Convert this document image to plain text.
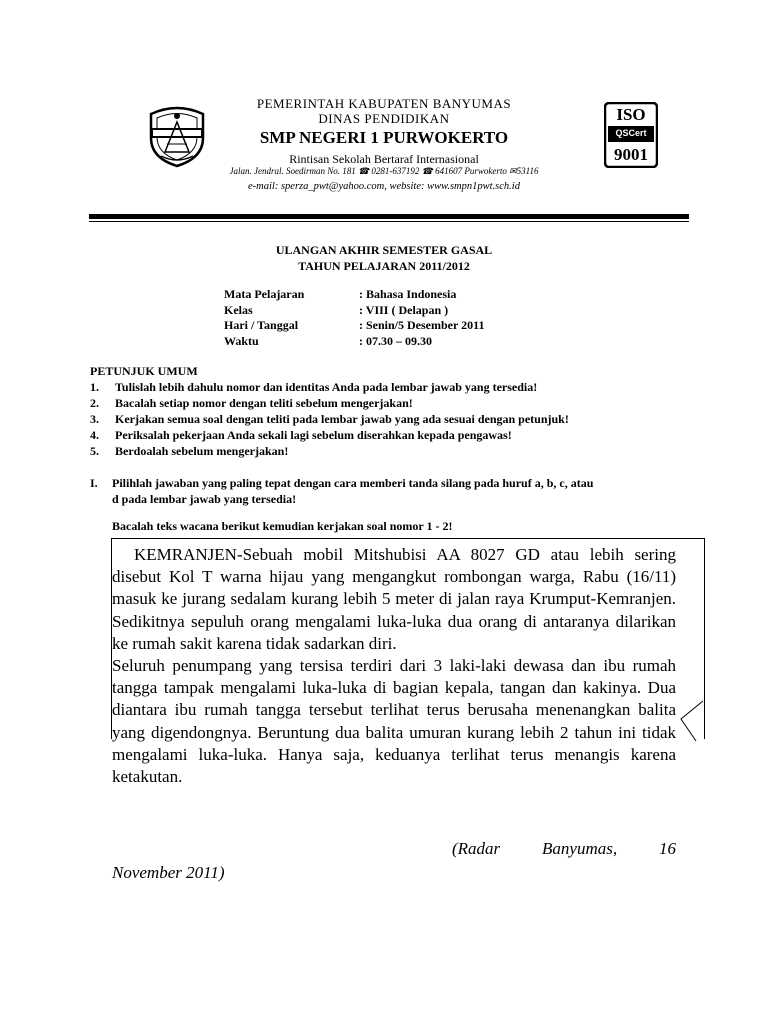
PEMERINTAH KABUPATEN BANYUMAS
DINAS PENDIDIKAN
SMP NEGERI 1 PURWOKERTO
Rintisan Sekolah Bertaraf Internasional
Jalan. Jendral. Soedirman No. 181 ☎ 0281-637192 ☎ 641607 Purwokerto ✉53116
e-mail: sperza_pwt@yahoo.com, website: www.smpn1pwt.sch.id
ISO
QSCert
9001
ULANGAN AKHIR SEMESTER GASAL
TAHUN PELAJARAN 2011/2012
Mata Pelajaran	: Bahasa Indonesia
Kelas	: VIII ( Delapan )
Hari / Tanggal	: Senin/5 Desember 2011
Waktu	: 07.30 – 09.30
PETUNJUK UMUM
1. Tulislah lebih dahulu nomor dan identitas Anda pada lembar jawab yang tersedia!
2. Bacalah setiap nomor dengan teliti sebelum mengerjakan!
3. Kerjakan semua soal dengan teliti pada lembar jawab yang ada sesuai dengan petunjuk!
4. Periksalah pekerjaan Anda sekali lagi sebelum diserahkan kepada pengawas!
5. Berdoalah sebelum mengerjakan!
I. Pilihlah jawaban yang paling tepat dengan cara memberi tanda silang pada huruf a, b, c, atau
d pada lembar jawab yang tersedia!
Bacalah teks wacana berikut kemudian kerjakan soal nomor 1 - 2!

KEMRANJEN-Sebuah mobil Mitshubisi AA 8027 GD atau lebih sering disebut Kol T warna hijau yang mengangkut rombongan warga, Rabu (16/11) masuk ke jurang sedalam kurang lebih 5 meter di jalan raya Krumput-Kemranjen. Sedikitnya sepuluh orang mengalami luka-luka dua orang di antaranya dilarikan ke rumah sakit karena tidak sadarkan diri.

Seluruh penumpang yang tersisa terdiri dari 3 laki-laki dewasa dan ibu rumah tangga tampak mengalami luka-luka di bagian kepala, tangan dan kakinya. Dua diantara ibu rumah tangga tersebut terlihat terus berusaha menenangkan balita yang digendongnya. Beruntung dua balita umuran kurang lebih 2 tahun ini tidak mengalami luka-luka. Hanya saja, keduanya terlihat terus menangis karena ketakutan.

(Radar Banyumas, 16
November 2011)
